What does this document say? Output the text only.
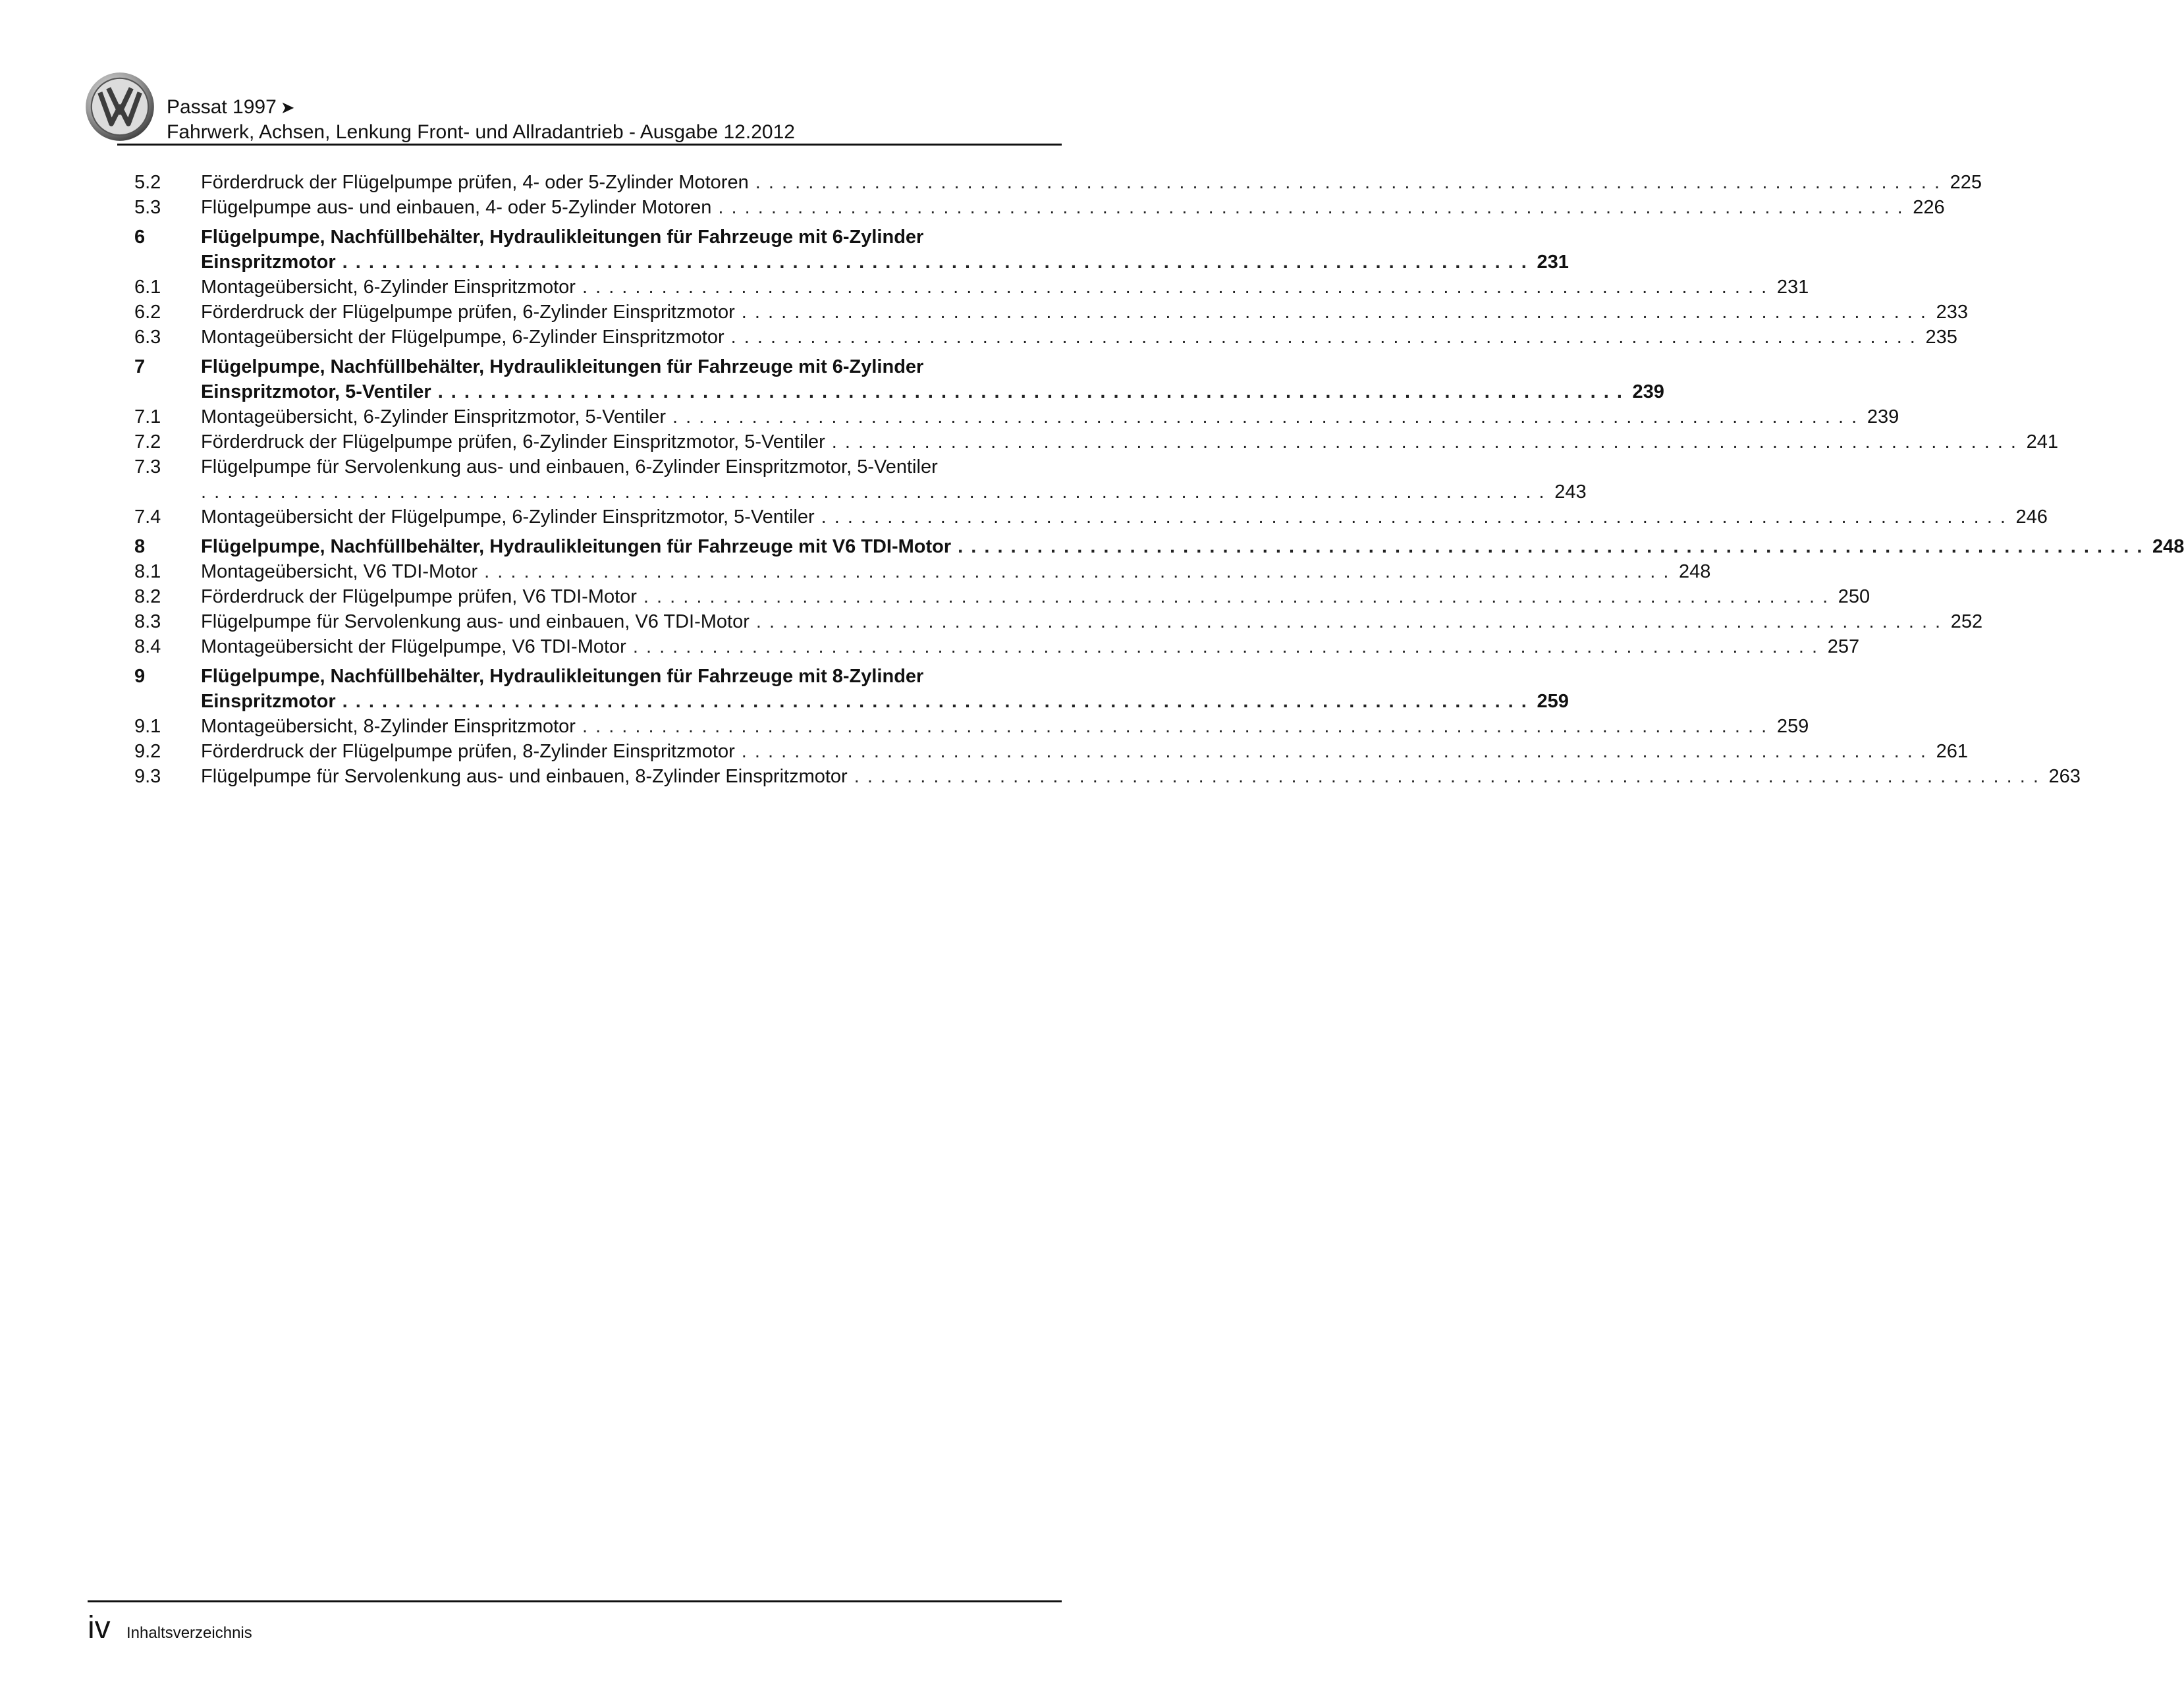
Passat 1997 ➤
Fahrwerk, Achsen, Lenkung Front- und Allradantrieb - Ausgabe 12.2012
5.2	Förderdruck der Flügelpumpe prüfen, 4- oder 5-Zylinder Motoren . . . . . . . . . . . . . . . . . . . . . . . . . . . . . . . . . . . . . . . . . . . . . . . . . . . . . . . . . . . . . . . . . . . . . . . . . . . . . . . . . . . . . . . . . . 225
5.3	Flügelpumpe aus- und einbauen, 4- oder 5-Zylinder Motoren . . . . . . . . . . . . . . . . . . . . . . . . . . . . . . . . . . . . . . . . . . . . . . . . . . . . . . . . . . . . . . . . . . . . . . . . . . . . . . . . . . . . . . . . . . 226
6	Flügelpumpe, Nachfüllbehälter, Hydraulikleitungen für Fahrzeuge mit 6-Zylinder
Einspritzmotor . . . . . . . . . . . . . . . . . . . . . . . . . . . . . . . . . . . . . . . . . . . . . . . . . . . . . . . . . . . . . . . . . . . . . . . . . . . . . . . . . . . . . . . . . . 231
6.1	Montageübersicht, 6-Zylinder Einspritzmotor . . . . . . . . . . . . . . . . . . . . . . . . . . . . . . . . . . . . . . . . . . . . . . . . . . . . . . . . . . . . . . . . . . . . . . . . . . . . . . . . . . . . . . . . . . 231
6.2	Förderdruck der Flügelpumpe prüfen, 6-Zylinder Einspritzmotor . . . . . . . . . . . . . . . . . . . . . . . . . . . . . . . . . . . . . . . . . . . . . . . . . . . . . . . . . . . . . . . . . . . . . . . . . . . . . . . . . . . . . . . . . . 233
6.3	Montageübersicht der Flügelpumpe, 6-Zylinder Einspritzmotor . . . . . . . . . . . . . . . . . . . . . . . . . . . . . . . . . . . . . . . . . . . . . . . . . . . . . . . . . . . . . . . . . . . . . . . . . . . . . . . . . . . . . . . . . . 235
7	Flügelpumpe, Nachfüllbehälter, Hydraulikleitungen für Fahrzeuge mit 6-Zylinder
Einspritzmotor, 5-Ventiler . . . . . . . . . . . . . . . . . . . . . . . . . . . . . . . . . . . . . . . . . . . . . . . . . . . . . . . . . . . . . . . . . . . . . . . . . . . . . . . . . . . . . . . . . . 239
7.1	Montageübersicht, 6-Zylinder Einspritzmotor, 5-Ventiler . . . . . . . . . . . . . . . . . . . . . . . . . . . . . . . . . . . . . . . . . . . . . . . . . . . . . . . . . . . . . . . . . . . . . . . . . . . . . . . . . . . . . . . . . . 239
7.2	Förderdruck der Flügelpumpe prüfen, 6-Zylinder Einspritzmotor, 5-Ventiler . . . . . . . . . . . . . . . . . . . . . . . . . . . . . . . . . . . . . . . . . . . . . . . . . . . . . . . . . . . . . . . . . . . . . . . . . . . . . . . . . . . . . . . . . . 241
7.3	Flügelpumpe für Servolenkung aus- und einbauen, 6-Zylinder Einspritzmotor, 5-Ventiler
. . . . . . . . . . . . . . . . . . . . . . . . . . . . . . . . . . . . . . . . . . . . . . . . . . . . . . . . . . . . . . . . . . . . . . . . . . . . . . . . . . . . . . . . . . . . . . . . . . . . . . 243
7.4	Montageübersicht der Flügelpumpe, 6-Zylinder Einspritzmotor, 5-Ventiler . . . . . . . . . . . . . . . . . . . . . . . . . . . . . . . . . . . . . . . . . . . . . . . . . . . . . . . . . . . . . . . . . . . . . . . . . . . . . . . . . . . . . . . . . . 246
8	Flügelpumpe, Nachfüllbehälter, Hydraulikleitungen für Fahrzeuge mit V6 TDI-Motor . . . . . . . . . . . . . . . . . . . . . . . . . . . . . . . . . . . . . . . . . . . . . . . . . . . . . . . . . . . . . . . . . . . . . . . . . . . . . . . . . . . . . . . . . . 248
8.1	Montageübersicht, V6 TDI-Motor . . . . . . . . . . . . . . . . . . . . . . . . . . . . . . . . . . . . . . . . . . . . . . . . . . . . . . . . . . . . . . . . . . . . . . . . . . . . . . . . . . . . . . . . . . 248
8.2	Förderdruck der Flügelpumpe prüfen, V6 TDI-Motor . . . . . . . . . . . . . . . . . . . . . . . . . . . . . . . . . . . . . . . . . . . . . . . . . . . . . . . . . . . . . . . . . . . . . . . . . . . . . . . . . . . . . . . . . . 250
8.3	Flügelpumpe für Servolenkung aus- und einbauen, V6 TDI-Motor . . . . . . . . . . . . . . . . . . . . . . . . . . . . . . . . . . . . . . . . . . . . . . . . . . . . . . . . . . . . . . . . . . . . . . . . . . . . . . . . . . . . . . . . . . 252
8.4	Montageübersicht der Flügelpumpe, V6 TDI-Motor . . . . . . . . . . . . . . . . . . . . . . . . . . . . . . . . . . . . . . . . . . . . . . . . . . . . . . . . . . . . . . . . . . . . . . . . . . . . . . . . . . . . . . . . . . 257
9	Flügelpumpe, Nachfüllbehälter, Hydraulikleitungen für Fahrzeuge mit 8-Zylinder
Einspritzmotor . . . . . . . . . . . . . . . . . . . . . . . . . . . . . . . . . . . . . . . . . . . . . . . . . . . . . . . . . . . . . . . . . . . . . . . . . . . . . . . . . . . . . . . . . . 259
9.1	Montageübersicht, 8-Zylinder Einspritzmotor . . . . . . . . . . . . . . . . . . . . . . . . . . . . . . . . . . . . . . . . . . . . . . . . . . . . . . . . . . . . . . . . . . . . . . . . . . . . . . . . . . . . . . . . . . 259
9.2	Förderdruck der Flügelpumpe prüfen, 8-Zylinder Einspritzmotor . . . . . . . . . . . . . . . . . . . . . . . . . . . . . . . . . . . . . . . . . . . . . . . . . . . . . . . . . . . . . . . . . . . . . . . . . . . . . . . . . . . . . . . . . . 261
9.3	Flügelpumpe für Servolenkung aus- und einbauen, 8-Zylinder Einspritzmotor . . . . . . . . . . . . . . . . . . . . . . . . . . . . . . . . . . . . . . . . . . . . . . . . . . . . . . . . . . . . . . . . . . . . . . . . . . . . . . . . . . . . . . . . . . 263
iv Inhaltsverzeichnis
